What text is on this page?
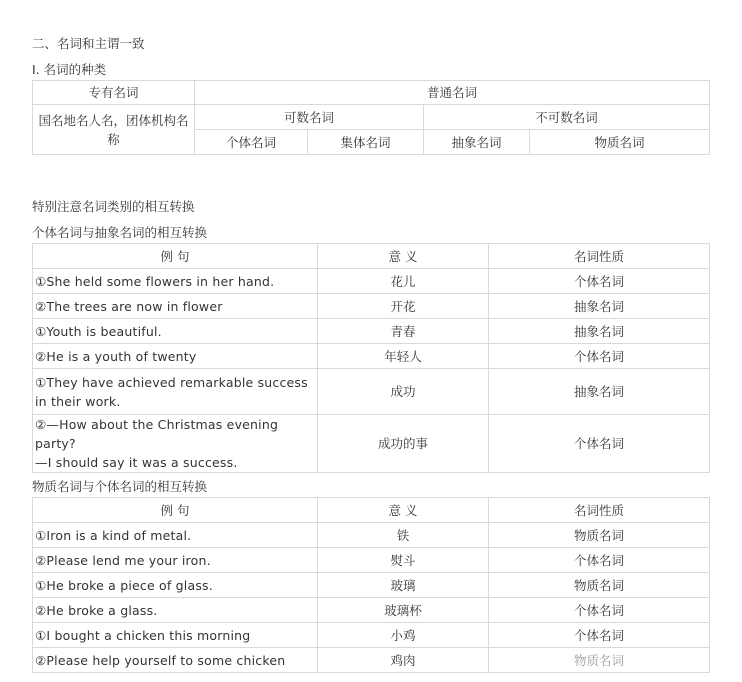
二、名词和主谓一致
I. 名词的种类
专有名词	普通名词			
国名地名人名，团体机构名称	可数名词		不可数名词	
	个体名词	集体名词	抽象名词	物质名词
特别注意名词类别的相互转换
个体名词与抽象名词的相互转换
例 句	意 义	名词性质
①She held some flowers in her hand.	花儿	个体名词
②The trees are now in flower	开花	抽象名词
①Youth is beautiful.	青春	抽象名词
②He is a youth of twenty	年轻人	个体名词
①They have achieved remarkable success in their work.	成功	抽象名词

②—How about the Christmas evening party?
—I should say it was a success.	成功的事	个体名词
物质名词与个体名词的相互转换
例 句	意 义	名词性质
①Iron is a kind of metal.	铁	物质名词
②Please lend me your iron.	熨斗	个体名词
①He broke a piece of glass.	玻璃	物质名词
②He broke a glass.	玻璃杯	个体名词
①I bought a chicken this morning	小鸡	个体名词
②Please help yourself to some chicken	鸡肉	物质名词
